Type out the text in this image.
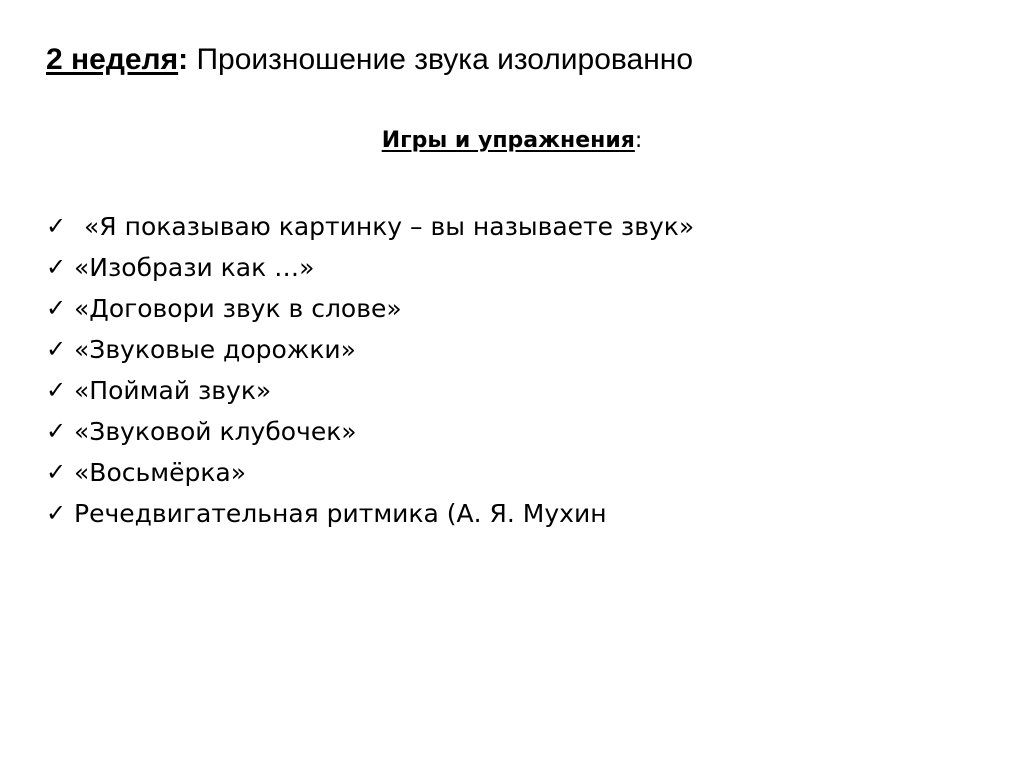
2 неделя: Произношение звука изолированно
Игры и упражнения:
✓ «Я показываю картинку – вы называете звук»
✓ «Изобрази как …»
✓ «Договори звук в слове»
✓ «Звуковые дорожки»
✓ «Поймай звук»
✓ «Звуковой клубочек»
✓ «Восьмёрка»
✓ Речедвигательная ритмика (А. Я. Мухин
